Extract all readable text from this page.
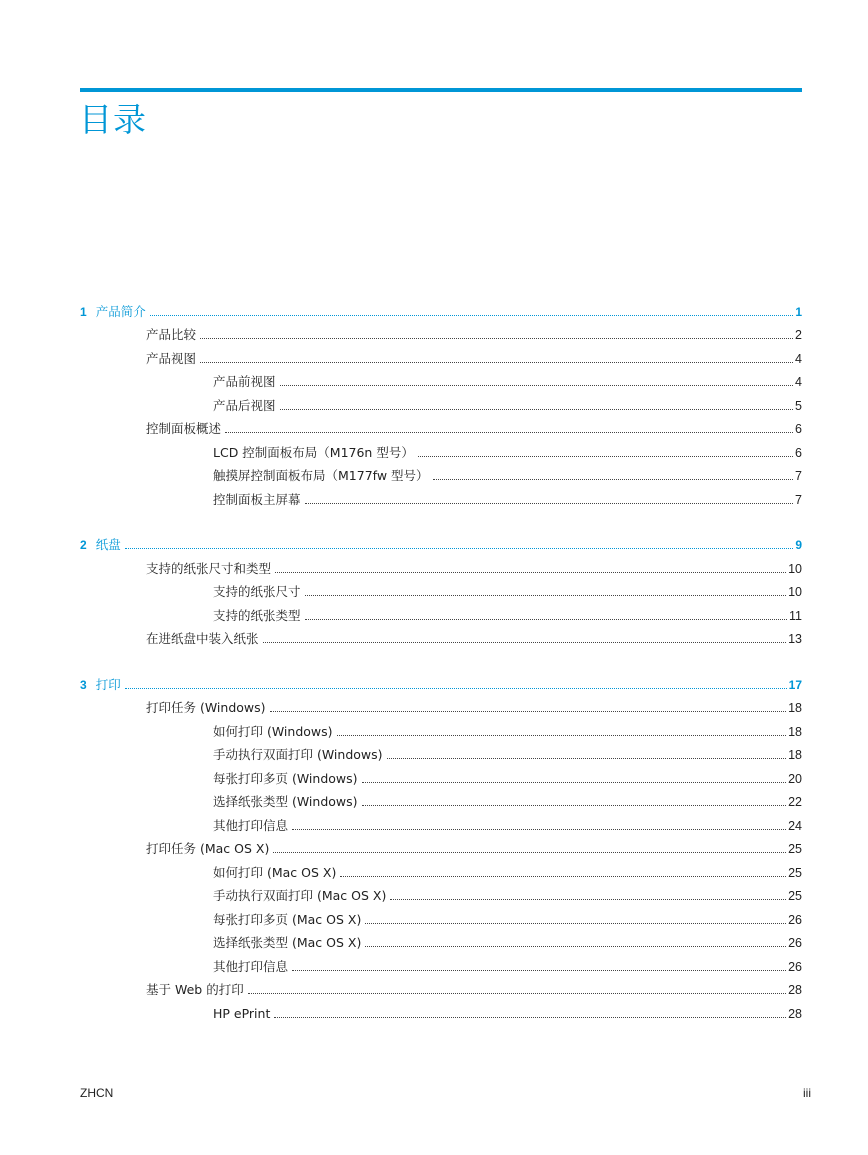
目录
1 产品简介	1
产品比较	2
产品视图	4
产品前视图	4
产品后视图	5
控制面板概述	6
LCD 控制面板布局（M176n 型号）	6
触摸屏控制面板布局（M177fw 型号）	7
控制面板主屏幕	7
2 纸盘	9
支持的纸张尺寸和类型	10
支持的纸张尺寸	10
支持的纸张类型	11
在进纸盘中装入纸张	13
3 打印	17
打印任务 (Windows)	18
如何打印 (Windows)	18
手动执行双面打印 (Windows)	18
每张打印多页 (Windows)	20
选择纸张类型 (Windows)	22
其他打印信息	24
打印任务 (Mac OS X)	25
如何打印 (Mac OS X)	25
手动执行双面打印 (Mac OS X)	25
每张打印多页 (Mac OS X)	26
选择纸张类型 (Mac OS X)	26
其他打印信息	26
基于 Web 的打印	28
HP ePrint	28
ZHCN	iii
